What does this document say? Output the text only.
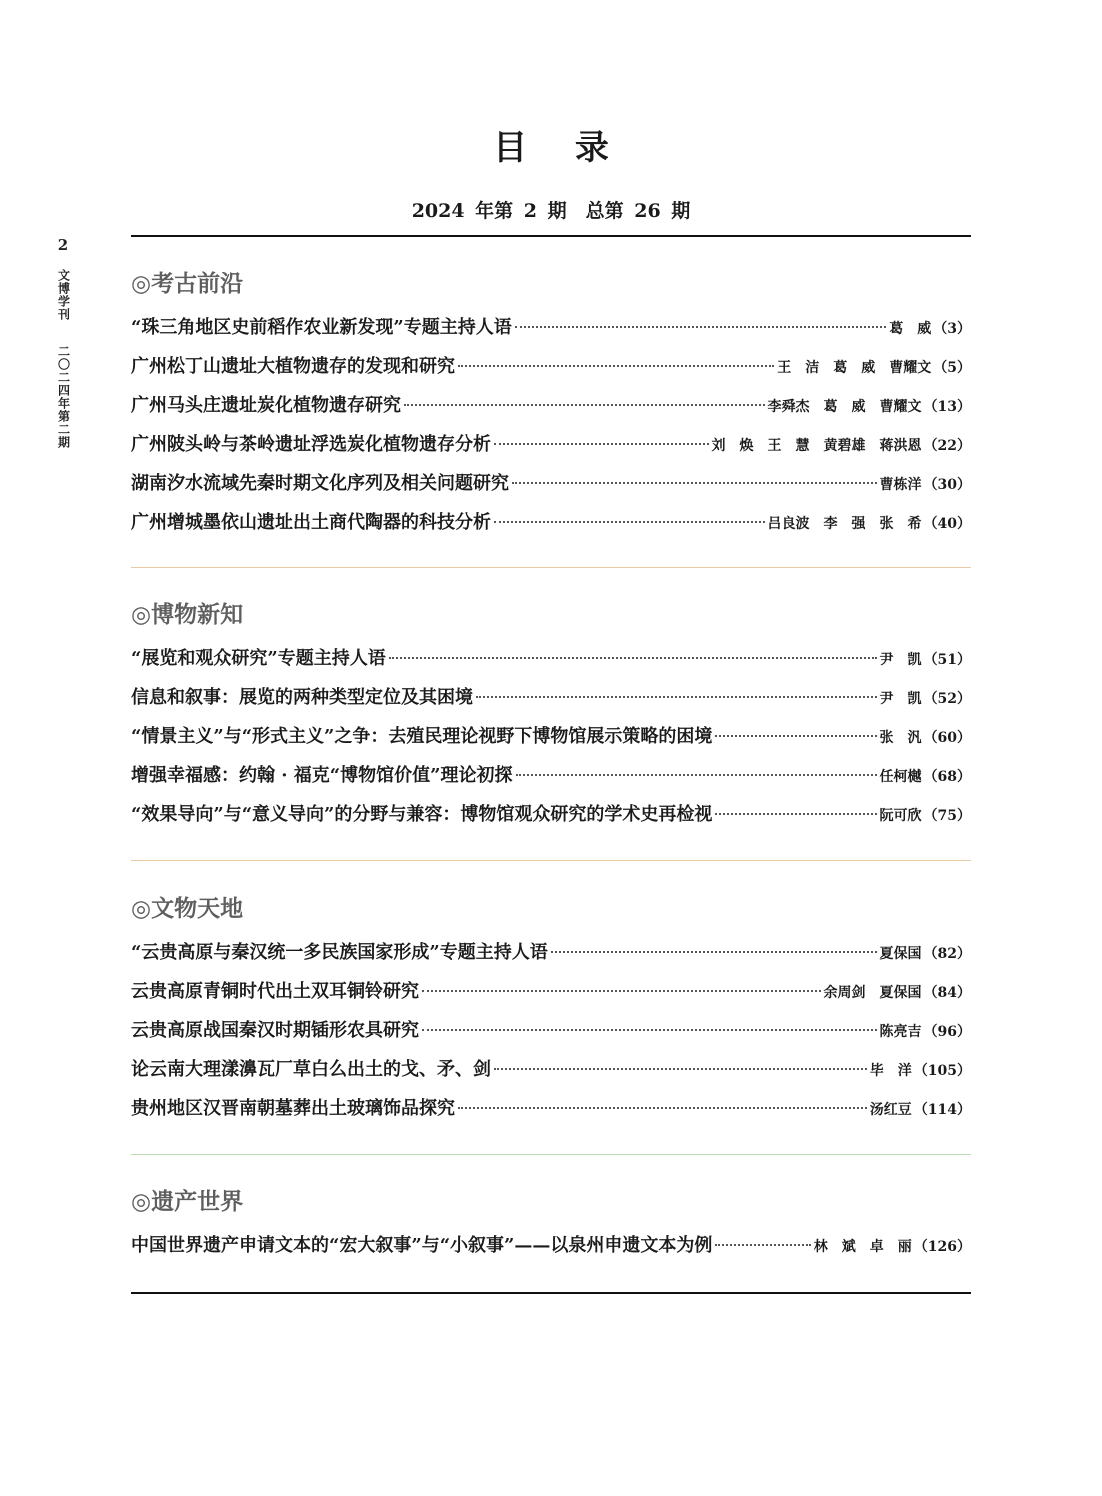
2
文博学刊
二〇二四年第二期
目 录
2024 年第 2 期　总第 26 期
◎考古前沿
“珠三角地区史前稻作农业新发现”专题主持人语	葛　威 （3）
广州松丁山遗址大植物遗存的发现和研究	王　洁　葛　威　曹耀文 （5）
广州马头庄遗址炭化植物遗存研究	李舜杰　葛　威　曹耀文 （13）
广州陂头岭与茶岭遗址浮选炭化植物遗存分析	刘　焕　王　慧　黄碧雄　蒋洪恩 （22）
湖南汐水流域先秦时期文化序列及相关问题研究	曹栋洋 （30）
广州增城墨依山遗址出土商代陶器的科技分析	吕良波　李　强　张　希 （40）
◎博物新知
“展览和观众研究”专题主持人语	尹　凯 （51）
信息和叙事：展览的两种类型定位及其困境	尹　凯 （52）
“情景主义”与“形式主义”之争：去殖民理论视野下博物馆展示策略的困境	张　汎 （60）
增强幸福感：约翰 · 福克“博物馆价值”理论初探	任柯樾 （68）
“效果导向”与“意义导向”的分野与兼容：博物馆观众研究的学术史再检视	阮可欣 （75）
◎文物天地
“云贵高原与秦汉统一多民族国家形成”专题主持人语	夏保国 （82）
云贵高原青铜时代出土双耳铜铃研究	余周剑　夏保国 （84）
云贵高原战国秦汉时期锸形农具研究	陈亮吉 （96）
论云南大理漾濞瓦厂草白么出土的戈、矛、剑	毕　洋 （105）
贵州地区汉晋南朝墓葬出土玻璃饰品探究	汤红豆 （114）
◎遗产世界
中国世界遗产申请文本的“宏大叙事”与“小叙事”——以泉州申遗文本为例	林　斌　卓　丽 （126）
